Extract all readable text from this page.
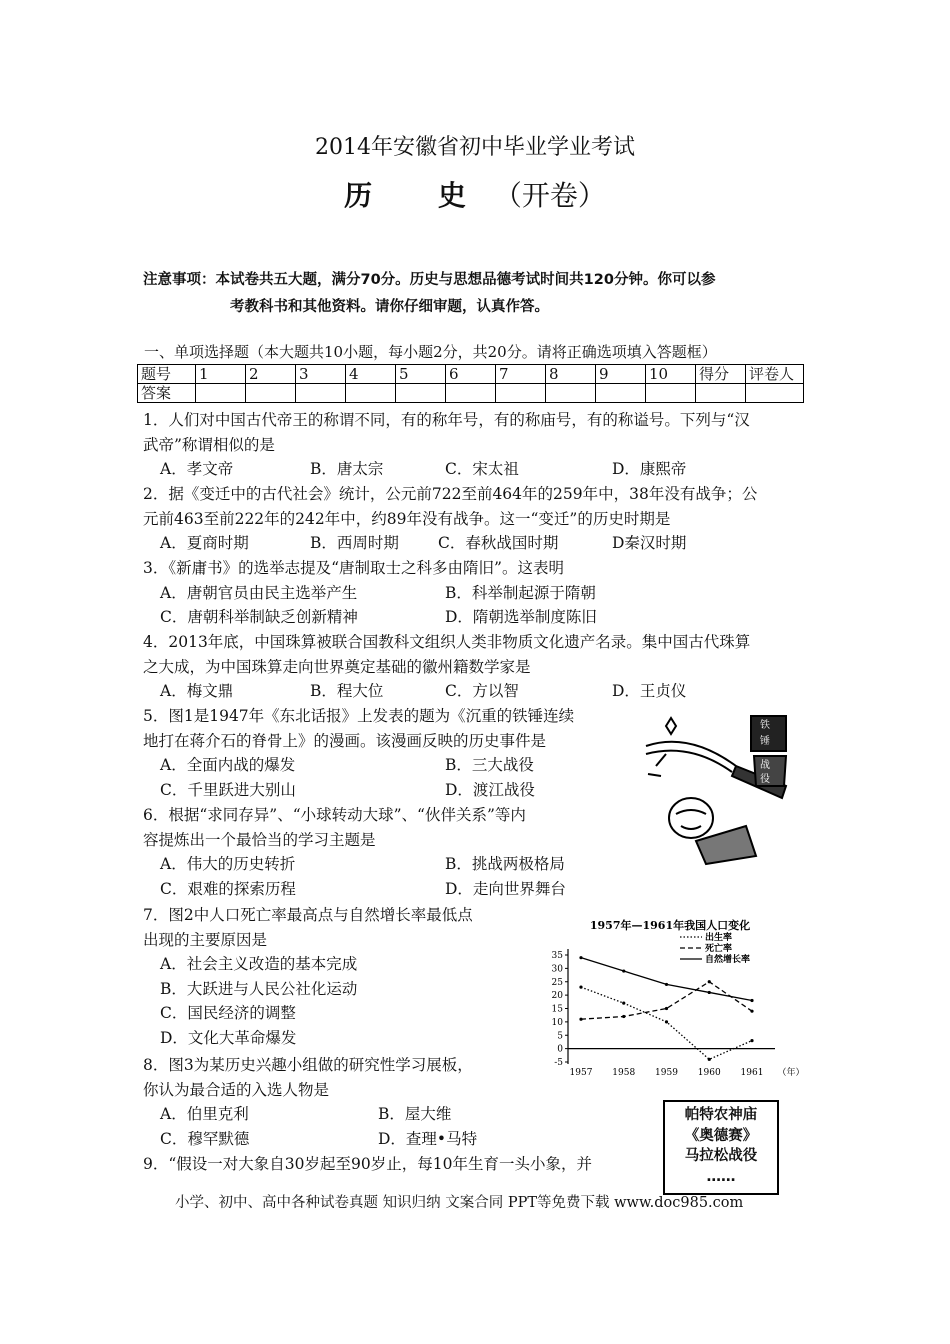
2014年安徽省初中毕业学业考试
历 史（开卷）
注意事项：本试卷共五大题，满分70分。历史与思想品德考试时间共120分钟。你可以参
考教科书和其他资料。请你仔细审题，认真作答。
一、单项选择题（本大题共10小题，每小题2分，共20分。请将正确选项填入答题框）
题号	1	2	3	4	5	6	7	8	9	10	得分	评卷人
答案												
1．人们对中国古代帝王的称谓不同，有的称年号，有的称庙号，有的称谥号。下列与“汉
武帝”称谓相似的是
A．孝文帝	B．唐太宗	C．宋太祖	D．康熙帝
2．据《变迁中的古代社会》统计，公元前722至前464年的259年中，38年没有战争；公
元前463至前222年的242年中，约89年没有战争。这一“变迁”的历史时期是
A．夏商时期	B．西周时期	C．春秋战国时期	D秦汉时期
3．《新庸书》的选举志提及“唐制取士之科多由隋旧”。这表明
A．唐朝官员由民主选举产生	B．科举制起源于隋朝
C．唐朝科举制缺乏创新精神	D．隋朝选举制度陈旧
4．2013年底，中国珠算被联合国教科文组织人类非物质文化遗产名录。集中国古代珠算
之大成，为中国珠算走向世界奠定基础的徽州籍数学家是
A．梅文鼎	B．程大位	C．方以智	D．王贞仪
5．图1是1947年《东北话报》上发表的题为《沉重的铁锤连续
地打在蒋介石的脊骨上》的漫画。该漫画反映的历史事件是
A．全面内战的爆发	B．三大战役
C．千里跃进大别山	D．渡江战役
6．根据“求同存异”、“小球转动大球”、“伙伴关系”等内
容提炼出一个最恰当的学习主题是
A．伟大的历史转折	B．挑战两极格局
C．艰难的探索历程	D．走向世界舞台
7．图2中人口死亡率最高点与自然增长率最低点
出现的主要原因是
A．社会主义改造的基本完成
B．大跃进与人民公社化运动
C．国民经济的调整
D．文化大革命爆发
8．图3为某历史兴趣小组做的研究性学习展板，
你认为最合适的入选人物是
A．伯里克利	B．屋大维
C．穆罕默德	D．查理•马特
9．“假设一对大象自30岁起至90岁止，每10年生育一头小象，并
铁
锤
战
役
1957年—1961年我国人口变化
-5
0
5
10
15
20
25
30
35
1957 1958 1959 1960 1961 （年）
出生率
死亡率
自然增长率
帕特农神庙
《奥德赛》
马拉松战役
……
小学、初中、高中各种试卷真题 知识归纳 文案合同 PPT等免费下载 www.doc985.com
